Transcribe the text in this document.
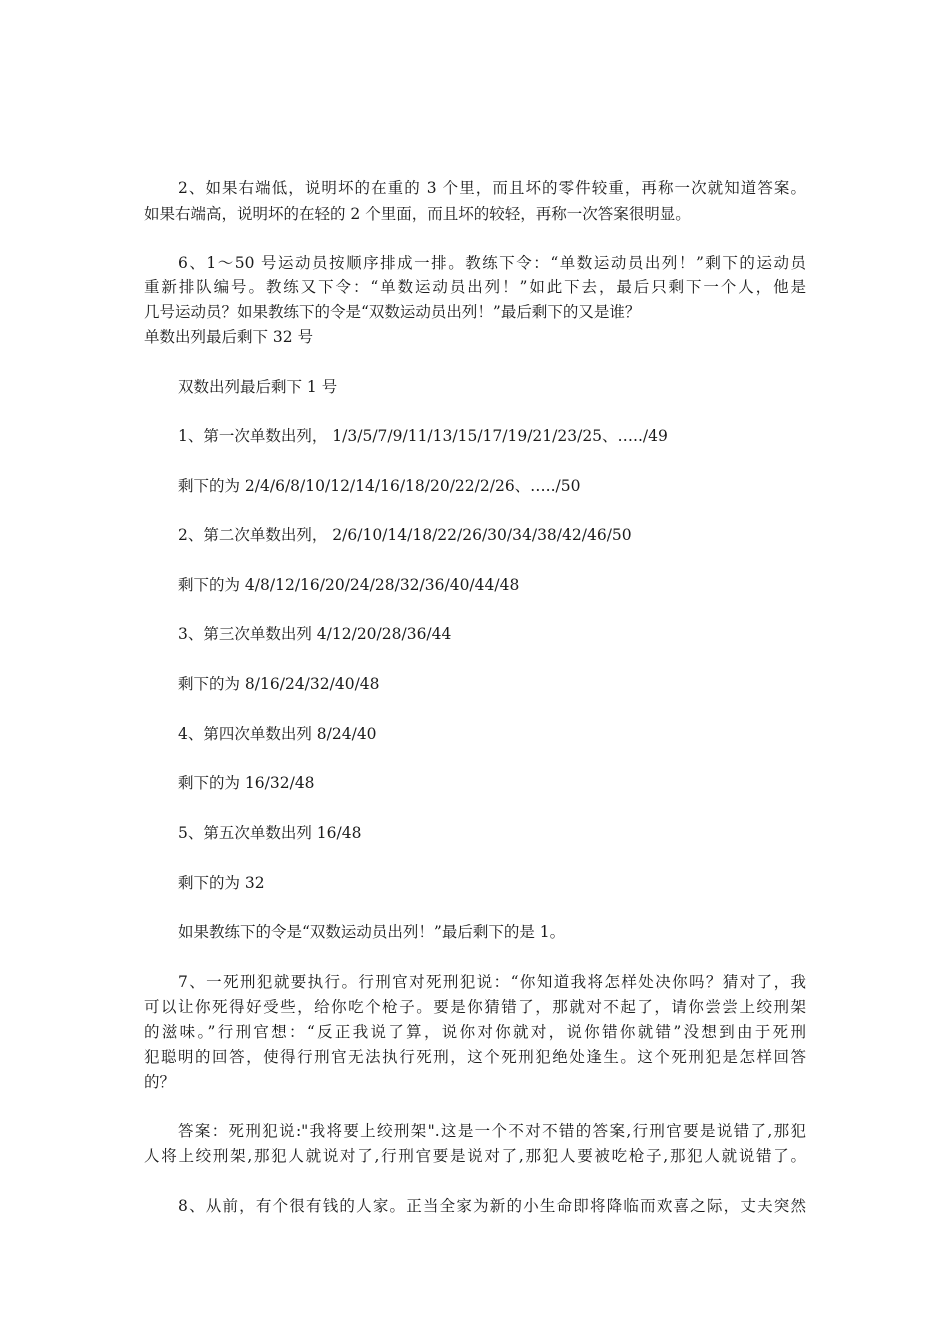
2、如果右端低，说明坏的在重的 3 个里，而且坏的零件较重，再称一次就知道答案。
如果右端高，说明坏的在轻的 2 个里面，而且坏的较轻，再称一次答案很明显。
6、1～50 号运动员按顺序排成一排。教练下令：“单数运动员出列！”剩下的运动员
重新排队编号。教练又下令：“单数运动员出列！”如此下去，最后只剩下一个人，他是
几号运动员？如果教练下的令是“双数运动员出列！”最后剩下的又是谁？
单数出列最后剩下 32 号
双数出列最后剩下 1 号
1、第一次单数出列， 1/3/5/7/9/11/13/15/17/19/21/23/25、…../49
剩下的为 2/4/6/8/10/12/14/16/18/20/22/2/26、…../50
2、第二次单数出列， 2/6/10/14/18/22/26/30/34/38/42/46/50
剩下的为 4/8/12/16/20/24/28/32/36/40/44/48
3、第三次单数出列 4/12/20/28/36/44
剩下的为 8/16/24/32/40/48
4、第四次单数出列 8/24/40
剩下的为 16/32/48
5、第五次单数出列 16/48
剩下的为 32
如果教练下的令是“双数运动员出列！”最后剩下的是 1。
7、一死刑犯就要执行。行刑官对死刑犯说：“你知道我将怎样处决你吗？猜对了，我
可以让你死得好受些，给你吃个枪子。要是你猜错了，那就对不起了，请你尝尝上绞刑架
的滋味。”行刑官想：“反正我说了算，说你对你就对，说你错你就错”没想到由于死刑
犯聪明的回答，使得行刑官无法执行死刑，这个死刑犯绝处逢生。这个死刑犯是怎样回答
的？
答案：死刑犯说:"我将要上绞刑架".这是一个不对不错的答案,行刑官要是说错了,那犯
人将上绞刑架,那犯人就说对了,行刑官要是说对了,那犯人要被吃枪子,那犯人就说错了。
8、从前，有个很有钱的人家。正当全家为新的小生命即将降临而欢喜之际，丈夫突然
